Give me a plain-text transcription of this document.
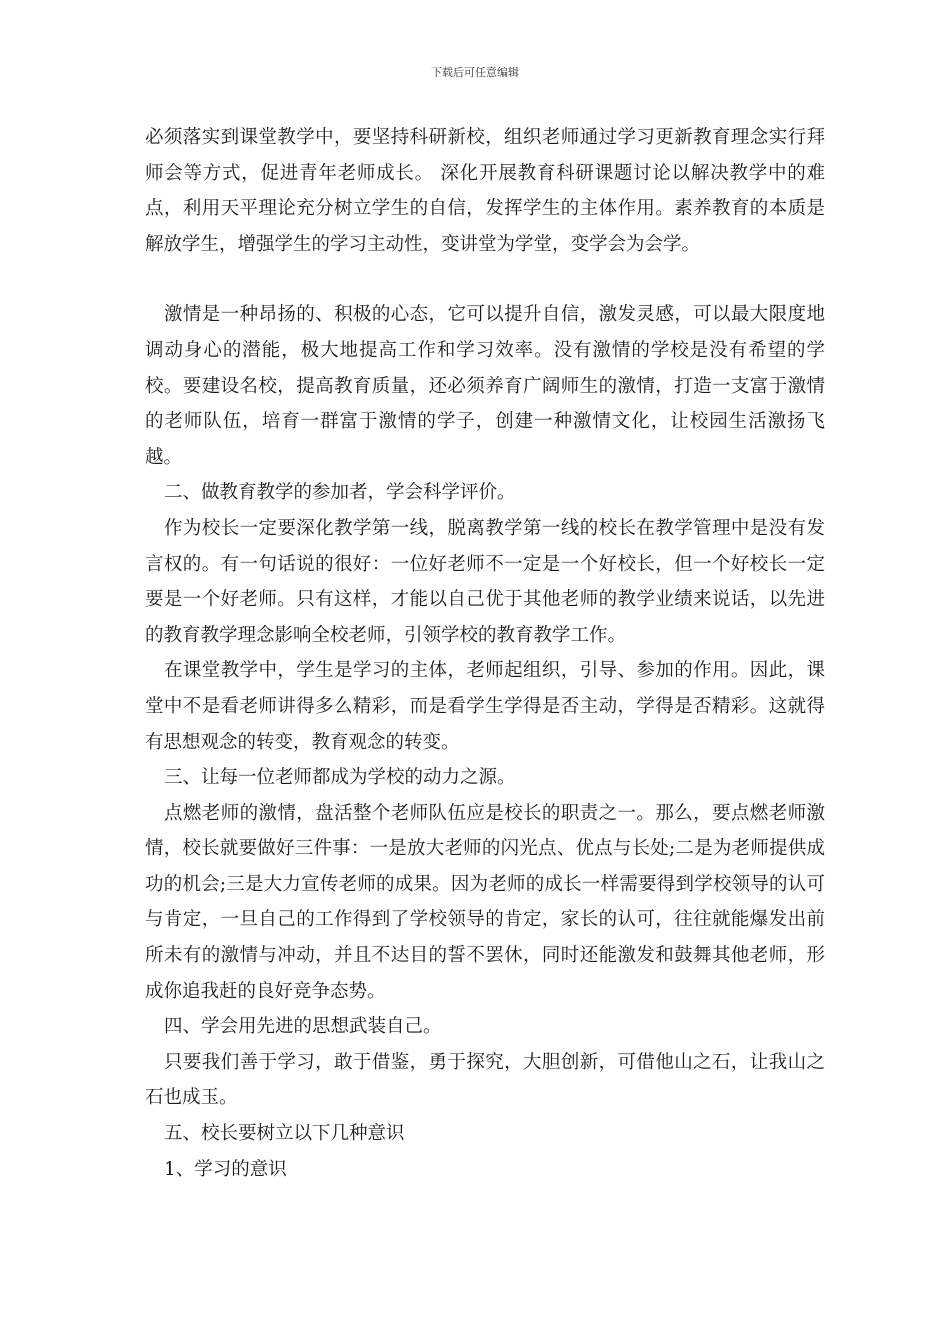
下载后可任意编辑

必须落实到课堂教学中，要坚持科研新校，组织老师通过学习更新教育理念实行拜师会等方式，促进青年老师成长。 深化开展教育科研课题讨论以解决教学中的难点，利用天平理论充分树立学生的自信，发挥学生的主体作用。素养教育的本质是解放学生，增强学生的学习主动性，变讲堂为学堂，变学会为会学。

激情是一种昂扬的、积极的心态，它可以提升自信，激发灵感，可以最大限度地调动身心的潜能，极大地提高工作和学习效率。没有激情的学校是没有希望的学校。要建设名校，提高教育质量，还必须养育广阔师生的激情，打造一支富于激情的老师队伍，培育一群富于激情的学子，创建一种激情文化，让校园生活激扬飞越。

二、做教育教学的参加者，学会科学评价。

作为校长一定要深化教学第一线，脱离教学第一线的校长在教学管理中是没有发言权的。有一句话说的很好：一位好老师不一定是一个好校长，但一个好校长一定要是一个好老师。只有这样，才能以自己优于其他老师的教学业绩来说话，以先进的教育教学理念影响全校老师，引领学校的教育教学工作。

在课堂教学中，学生是学习的主体，老师起组织，引导、参加的作用。因此，课堂中不是看老师讲得多么精彩，而是看学生学得是否主动，学得是否精彩。这就得有思想观念的转变，教育观念的转变。

三、让每一位老师都成为学校的动力之源。

点燃老师的激情，盘活整个老师队伍应是校长的职责之一。那么，要点燃老师激情，校长就要做好三件事：一是放大老师的闪光点、优点与长处;二是为老师提供成功的机会;三是大力宣传老师的成果。因为老师的成长一样需要得到学校领导的认可与肯定，一旦自己的工作得到了学校领导的肯定，家长的认可，往往就能爆发出前所未有的激情与冲动，并且不达目的誓不罢休，同时还能激发和鼓舞其他老师，形成你追我赶的良好竞争态势。

四、学会用先进的思想武装自己。

只要我们善于学习，敢于借鉴，勇于探究，大胆创新，可借他山之石，让我山之石也成玉。

五、校长要树立以下几种意识

1、学习的意识
